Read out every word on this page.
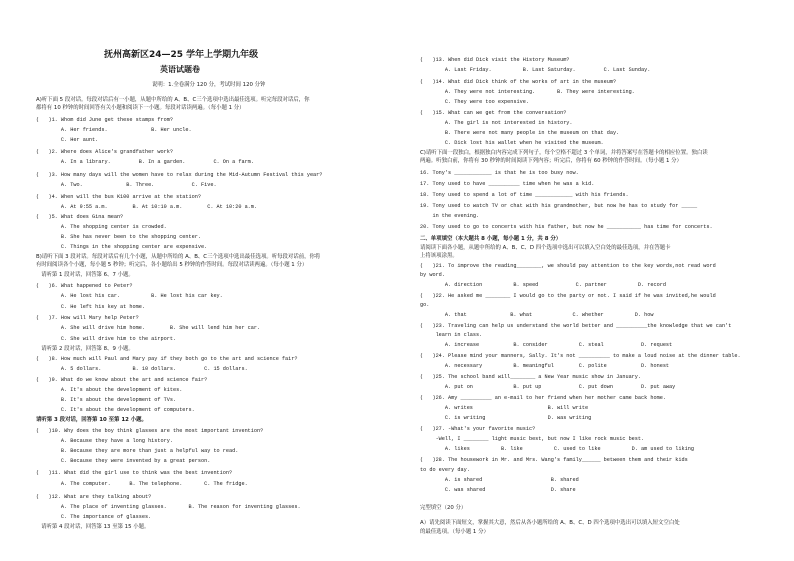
抚州高新区24—25 学年上学期九年级
英语试题卷
说明：1.全卷满分 120 分，考试时间 120 分钟
A)听下面 5 段对话。每段对话后有一小题，从题中所给的 A、B、C三个选项中选出最佳选项。听完每段对话后，你
都将有 10 秒钟的时间回答有关小题和阅读下一小题。每段对话读两遍。（每小题 1 分）
(   )1. Whom did June get these stamps from?
A. Her friends.              B. Her uncle.
C. Her aunt.
(   )2. Where does Alice's grandfather work?
A. In a library.         B. In a garden.         C. On a farm.
(   )3. How many days will the women have to relax during the Mid-Autumn Festival this year?
A. Two.              B. Three.            C. Five.
(   )4. When will the bus K100 arrive at the station?
A. At 9:55 a.m.        B. At 10:10 a.m.        C. At 10:20 a.m.
(   )5. What does Gina mean?
A. The shopping center is crowded.
B. She has never been to the shopping center.
C. Things in the shopping center are expensive.
B)请听下面 3 段对话。每段对话后有几个小题，从题中所给的 A、B、C三个选项中选出最佳选项。听每段对话前，你将
有时间阅读各个小题，每小题 5 秒钟；听完后，各小题给出 5 秒钟的作答时间。每段对话读两遍。（每小题 1 分）
请听第 1 段对话，回答第 6、7 小题。
(   )6. What happened to Peter?
A. He lost his car.          B. He lost his car key.
C. He left his key at home.
(   )7. How will Mary help Peter?
A. She will drive him home.        B. She will lend him her car.
C. She will drive him to the airport.
请听第 2 段对话，回答第 8、9 小题。
(   )8. How much will Paul and Mary pay if they both go to the art and science fair?
A. 5 dollars.          B. 10 dollars.         C. 15 dollars.
(   )9. What do we know about the art and science fair?
A. It's about the development of kites.
B. It's about the development of TVs.
C. It's about the development of computers.
请听第 3 段对话，回答第 10 至第 12 小题。
(   )10. Why does the boy think glasses are the most important invention?
A. Because they have a long history.
B. Because they are more than just a helpful way to read.
C. Because they were invented by a great person.
(   )11. What did the girl use to think was the best invention?
A. The computer.      B. The telephone.       C. The fridge.
(   )12. What are they talking about?
A. The place of inventing glasses.       B. The reason for inventing glasses.
C. The importance of glasses.
请听第 4 段对话，回答第 13 至第 15 小题。
(   )13. When did Dick visit the History Museum?
A. Last Friday.          B. Last Saturday.         C. Last Sunday.
(   )14. What did Dick think of the works of art in the museum?
A. They were not interesting.       B. They were interesting.
C. They were too expensive.
(   )15. What can we get from the conversation?
A. The girl is not interested in history.
B. There were not many people in the museum on that day.
C. Dick lost his wallet when he visited the museum.
C)请听下面一段独白，根据独白内容完成下列句子，每个空格不超过 3 个单词，并将答案写在答题卡的相应位置。独白读
两遍。听独白前，你将有 30 秒钟的时间阅读下列内容；听完后，你将有 60 秒钟的作答时间。（每小题 1 分）
16. Tony's ____________ is that he is too busy now.
17. Tony used to have __________ time when he was a kid.
18. Tony used to spend a lot of time ____________ with his friends.
19. Tony used to watch TV or chat with his grandmother, but now he has to study for _____
in the evening.
20. Tony used to go to concerts with his father, but now he ___________ has time for concerts.
二、单项填空（本大题共 8 小题，每小题 1 分，共 8 分）
请阅读下面各小题，从题中所给的 A、B、C、D 四个选项中选出可以填入空白处的最佳选项，并在答题卡
上将该项涂黑。
(   )21. To improve the reading________, we should pay attention to the key words,not read word
by word.
A. direction          B. speed            C. partner          D. record
(   )22. He asked me ________ I would go to the party or not. I said if he was invited,he would
go.
A. that              B. what             C. whether          D. how
(   )23. Traveling can help us understand the world better and __________the knowledge that we can't
learn in class.
A. increase           B. consider          C. steal            D. request
(   )24. Please mind your manners, Sally. It's not __________ to make a loud noise at the dinner table.
A. necessary          B. meaningful        C. polite           D. honest
(   )25. The school band will________ a New Year music show in January.
A. put on             B. put up            C. put down         D. put away
(   )26. Amy __________ an e-mail to her friend when her mother came back home.
A. writes                        B. will write
C. is writing                    D. was writing
(   )27. -What's your favorite music?
-Well, I ________ light music best, but now I like rock music best.
A. likes          B. like          C. used to like          D. am used to liking
(   )28. The housework in Mr. and Mrs. Wang's family______ between them and their kids
to do every day.
A. is shared                      B. shared
C. was shared                     D. share
完型填空（20 分）
A）请先阅读下面短文，掌握其大意，然后从各小题所给的 A、B、C、D 四个选项中选出可以填入短文空白处
的最佳选项。（每小题 1 分）
